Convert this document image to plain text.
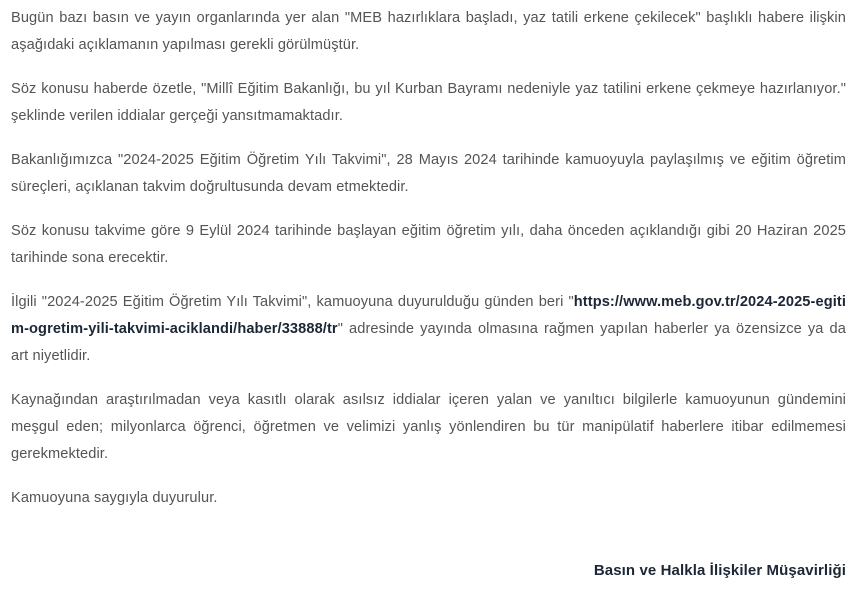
Bugün bazı basın ve yayın organlarında yer alan "MEB hazırlıklara başladı, yaz tatili erkene çekilecek" başlıklı habere ilişkin aşağıdaki açıklamanın yapılması gerekli görülmüştür.

Söz konusu haberde özetle, "Millî Eğitim Bakanlığı, bu yıl Kurban Bayramı nedeniyle yaz tatilini erkene çekmeye hazırlanıyor." şeklinde verilen iddialar gerçeği yansıtmamaktadır.

Bakanlığımızca "2024-2025 Eğitim Öğretim Yılı Takvimi", 28 Mayıs 2024 tarihinde kamuoyuyla paylaşılmış ve eğitim öğretim süreçleri, açıklanan takvim doğrultusunda devam etmektedir.

Söz konusu takvime göre 9 Eylül 2024 tarihinde başlayan eğitim öğretim yılı, daha önceden açıklandığı gibi 20 Haziran 2025 tarihinde sona erecektir.

İlgili "2024-2025 Eğitim Öğretim Yılı Takvimi", kamuoyuna duyurulduğu günden beri "https://www.meb.gov.tr/2024-2025-egitim-ogretim-yili-takvimi-aciklandi/haber/33888/tr" adresinde yayında olmasına rağmen yapılan haberler ya özensizce ya da art niyetlidir.

Kaynağından araştırılmadan veya kasıtlı olarak asılsız iddialar içeren yalan ve yanıltıcı bilgilerle kamuoyunun gündemini meşgul eden; milyonlarca öğrenci, öğretmen ve velimizi yanlış yönlendiren bu tür manipülatif haberlere itibar edilmemesi gerekmektedir.

Kamuoyuna saygıyla duyurulur.

Basın ve Halkla İlişkiler Müşavirliği
